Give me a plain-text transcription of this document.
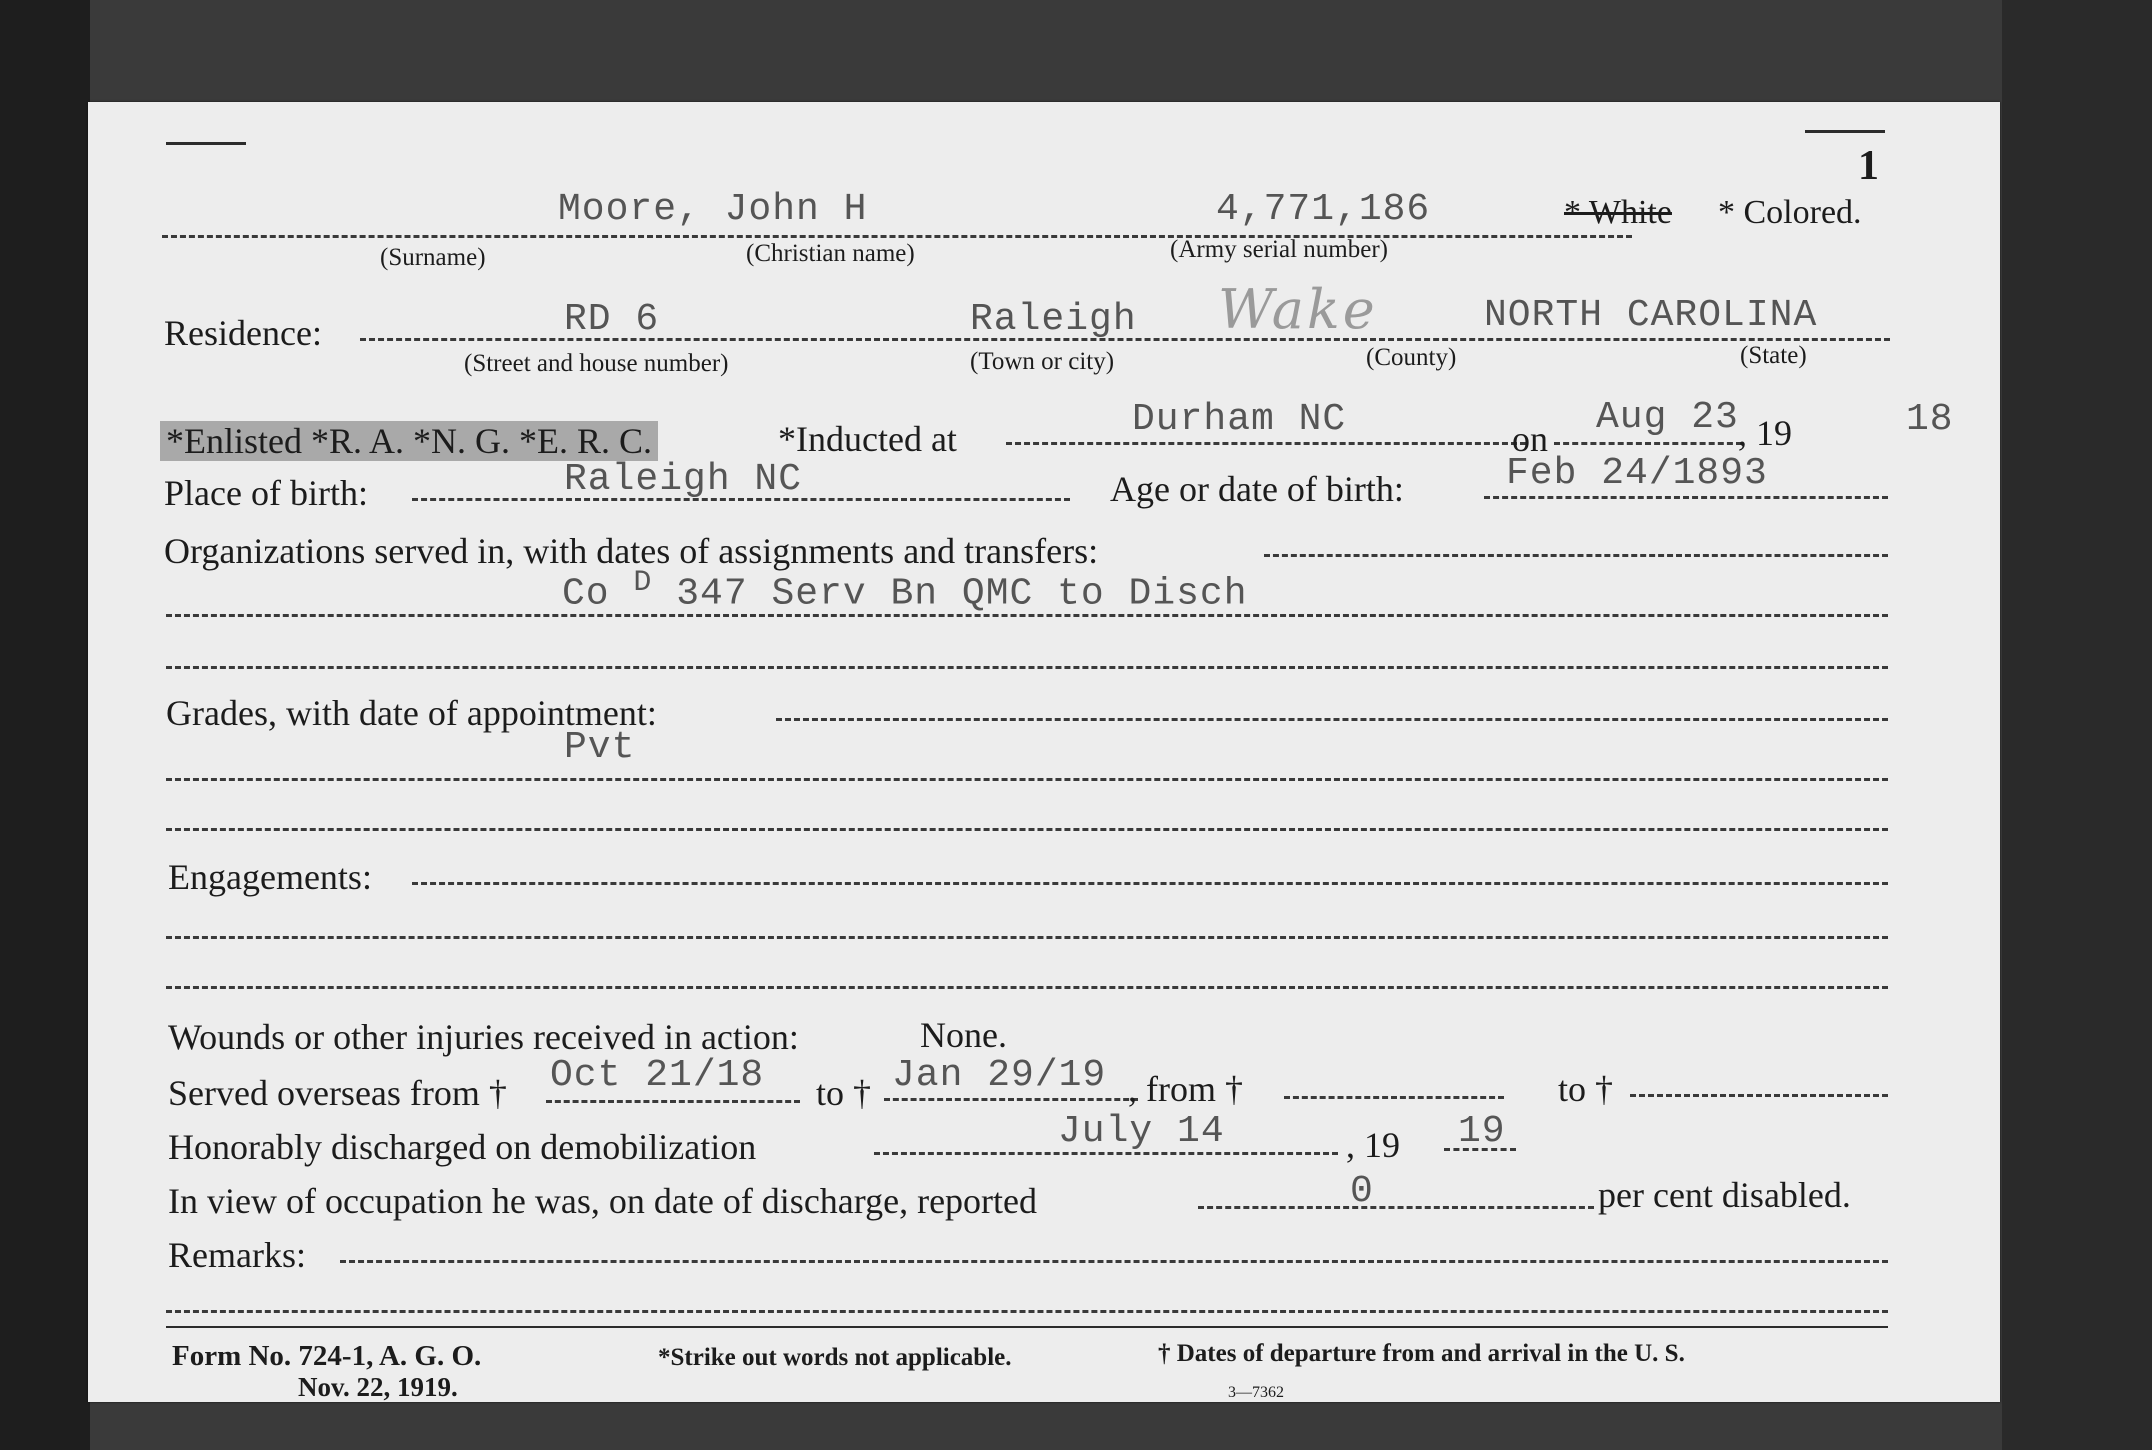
1
Moore, John H	4,771,186	* White * Colored.
(Surname)	(Christian name)	(Army serial number)
Residence:	RD 6	Raleigh Wake	NORTH CAROLINA
(Street and house number)	(Town or city)	(County)	(State)
*Enlisted *R. A. *N. G. *E. R. C.	*Inducted at	Durham NC	on Aug 23 , 19	18
Place of birth:	Raleigh NC	Age or date of birth:	Feb 24/1893
Organizations served in, with dates of assignments and transfers:
Co $^D$ 347 Serv Bn QMC to Disch
Grades, with date of appointment:
Pvt
Engagements:
Wounds or other injuries received in action:	None.
Served overseas from † Oct 21/18 to † Jan 29/19 , from †	to †
Honorably discharged on demobilization	July 14	, 19 19
In view of occupation he was, on date of discharge, reported	0	per cent disabled.
Remarks:
Form No. 724-1, A. G. O.
Nov. 22, 1919.
*Strike out words not applicable.	† Dates of departure from and arrival in the U. S.
3—7362
